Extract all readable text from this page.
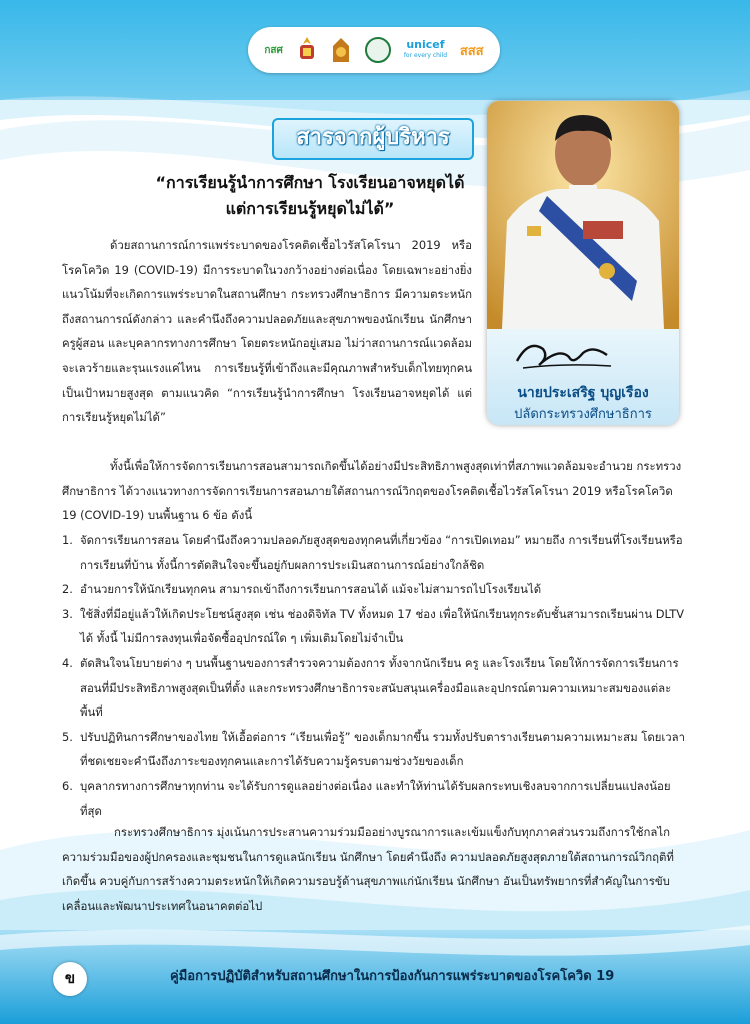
กสศ	unicef
for every child สสส
สารจากผู้บริหาร
“การเรียนรู้นำการศึกษา โรงเรียนอาจหยุดได้
แต่การเรียนรู้หยุดไม่ได้”
นายประเสริฐ บุญเรือง
ปลัดกระทรวงศึกษาธิการ
ด้วยสถานการณ์การแพร่ระบาดของโรคติดเชื้อไวรัสโคโรนา 2019 หรือโรคโควิด 19 (COVID-19) มีการระบาดในวงกว้างอย่างต่อเนื่อง โดยเฉพาะอย่างยิ่งแนวโน้มที่จะเกิดการแพร่ระบาดในสถานศึกษา กระทรวงศึกษาธิการ มีความตระหนักถึงสถานการณ์ดังกล่าว และคำนึงถึงความปลอดภัยและสุขภาพของนักเรียน นักศึกษา ครูผู้สอน และบุคลากรทางการศึกษา โดยตระหนักอยู่เสมอ ไม่ว่าสถานการณ์แวดล้อมจะเลวร้ายและรุนแรงแค่ไหน การเรียนรู้ที่เข้าถึงและมีคุณภาพสำหรับเด็กไทยทุกคนเป็นเป้าหมายสูงสุด ตามแนวคิด “การเรียนรู้นำการศึกษา โรงเรียนอาจหยุดได้ แต่การเรียนรู้หยุดไม่ได้”
ทั้งนี้เพื่อให้การจัดการเรียนการสอนสามารถเกิดขึ้นได้อย่างมีประสิทธิภาพสูงสุดเท่าที่สภาพแวดล้อมจะอำนวย กระทรวงศึกษาธิการ ได้วางแนวทางการจัดการเรียนการสอนภายใต้สถานการณ์วิกฤตของโรคติดเชื้อไวรัสโคโรนา 2019 หรือโรคโควิด 19 (COVID-19) บนพื้นฐาน 6 ข้อ ดังนี้
1. จัดการเรียนการสอน โดยคำนึงถึงความปลอดภัยสูงสุดของทุกคนที่เกี่ยวข้อง “การเปิดเทอม” หมายถึง การเรียนที่โรงเรียนหรือการเรียนที่บ้าน ทั้งนี้การตัดสินใจจะขึ้นอยู่กับผลการประเมินสถานการณ์อย่างใกล้ชิด
2. อำนวยการให้นักเรียนทุกคน สามารถเข้าถึงการเรียนการสอนได้ แม้จะไม่สามารถไปโรงเรียนได้
3. ใช้สิ่งที่มีอยู่แล้วให้เกิดประโยชน์สูงสุด เช่น ช่องดิจิทัล TV ทั้งหมด 17 ช่อง เพื่อให้นักเรียนทุกระดับชั้นสามารถเรียนผ่าน DLTV ได้ ทั้งนี้ ไม่มีการลงทุนเพื่อจัดซื้ออุปกรณ์ใด ๆ เพิ่มเติมโดยไม่จำเป็น
4. ตัดสินใจนโยบายต่าง ๆ บนพื้นฐานของการสำรวจความต้องการ ทั้งจากนักเรียน ครู และโรงเรียน โดยให้การจัดการเรียนการสอนที่มีประสิทธิภาพสูงสุดเป็นที่ตั้ง และกระทรวงศึกษาธิการจะสนับสนุนเครื่องมือและอุปกรณ์ตามความเหมาะสมของแต่ละพื้นที่
5. ปรับปฏิทินการศึกษาของไทย ให้เอื้อต่อการ “เรียนเพื่อรู้” ของเด็กมากขึ้น รวมทั้งปรับตารางเรียนตามความเหมาะสม โดยเวลาที่ชดเชยจะคำนึงถึงภาระของทุกคนและการได้รับความรู้ครบตามช่วงวัยของเด็ก
6. บุคลากรทางการศึกษาทุกท่าน จะได้รับการดูแลอย่างต่อเนื่อง และทำให้ท่านได้รับผลกระทบเชิงลบจากการเปลี่ยนแปลงน้อยที่สุด
กระทรวงศึกษาธิการ มุ่งเน้นการประสานความร่วมมืออย่างบูรณาการและเข้มแข็งกับทุกภาคส่วนรวมถึงการใช้กลไกความร่วมมือของผู้ปกครองและชุมชนในการดูแลนักเรียน นักศึกษา โดยคำนึงถึง ความปลอดภัยสูงสุดภายใต้สถานการณ์วิกฤติที่เกิดขึ้น ควบคู่กับการสร้างความตระหนักให้เกิดความรอบรู้ด้านสุขภาพแก่นักเรียน นักศึกษา อันเป็นทรัพยากรที่สำคัญในการขับเคลื่อนและพัฒนาประเทศในอนาคตต่อไป
ข	คู่มือการปฏิบัติสำหรับสถานศึกษาในการป้องกันการแพร่ระบาดของโรคโควิด 19
